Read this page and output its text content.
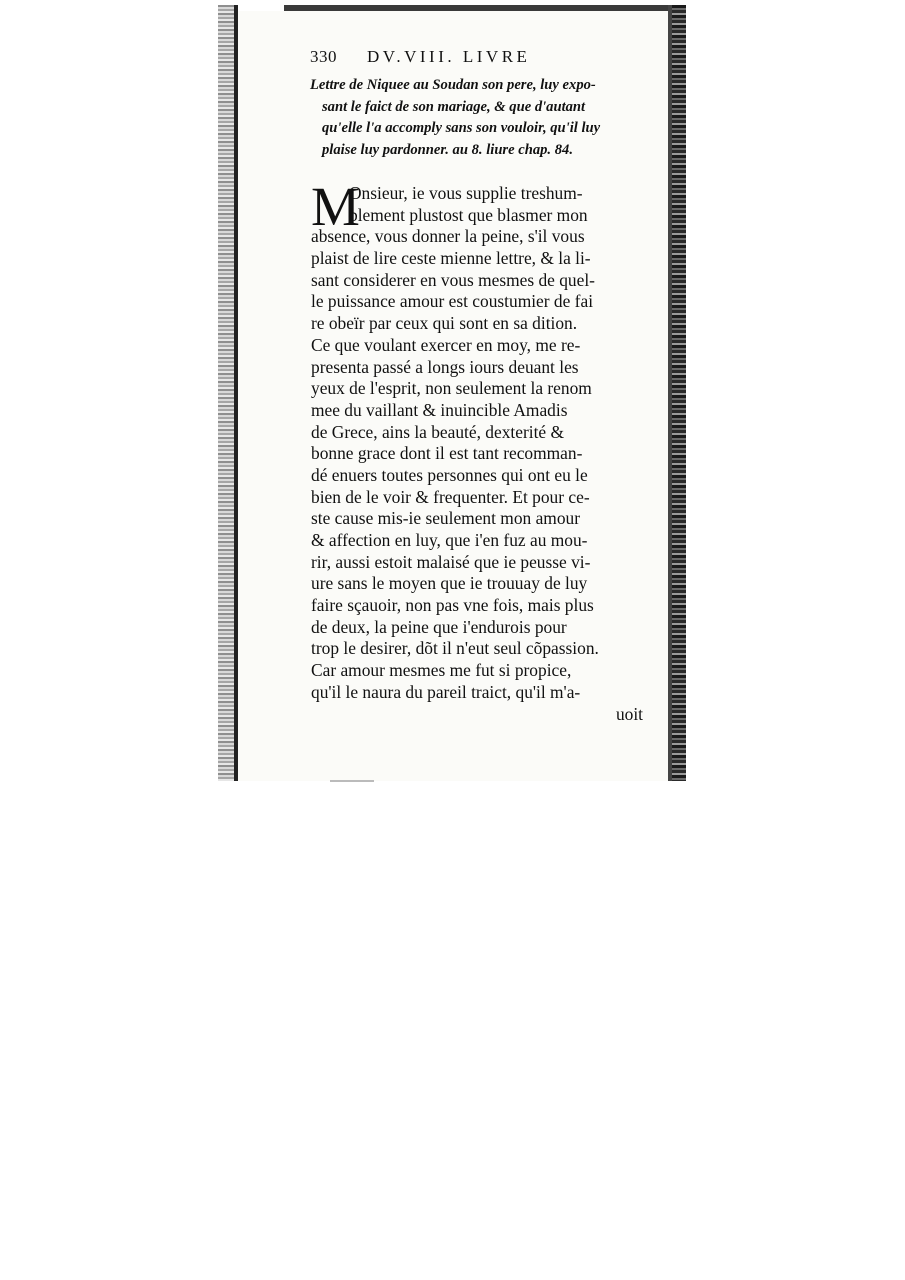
330 DV.VIII. LIVRE
Lettre de Niquee au Soudan son pere, luy expo-
sant le faict de son mariage, & que d'autant
qu'elle l'a accomply sans son vouloir, qu'il luy
plaise luy pardonner. au 8. liure chap. 84.
M
Onsieur, ie vous supplie treshum-
blement plustost que blasmer mon
absence, vous donner la peine, s'il vous
plaist de lire ceste mienne lettre, & la li-
sant considerer en vous mesmes de quel-
le puissance amour est coustumier de fai
re obeïr par ceux qui sont en sa dition.
Ce que voulant exercer en moy, me re-
presenta passé a longs iours deuant les
yeux de l'esprit, non seulement la renom
mee du vaillant & inuincible Amadis
de Grece, ains la beauté, dexterité &
bonne grace dont il est tant recomman-
dé enuers toutes personnes qui ont eu le
bien de le voir & frequenter. Et pour ce-
ste cause mis-ie seulement mon amour
& affection en luy, que i'en fuz au mou-
rir, aussi estoit malaisé que ie peusse vi-
ure sans le moyen que ie trouuay de luy
faire sçauoir, non pas vne fois, mais plus
de deux, la peine que i'endurois pour
trop le desirer, dõt il n'eut seul cõpassion.
Car amour mesmes me fut si propice,
qu'il le naura du pareil traict, qu'il m'a-
uoit
